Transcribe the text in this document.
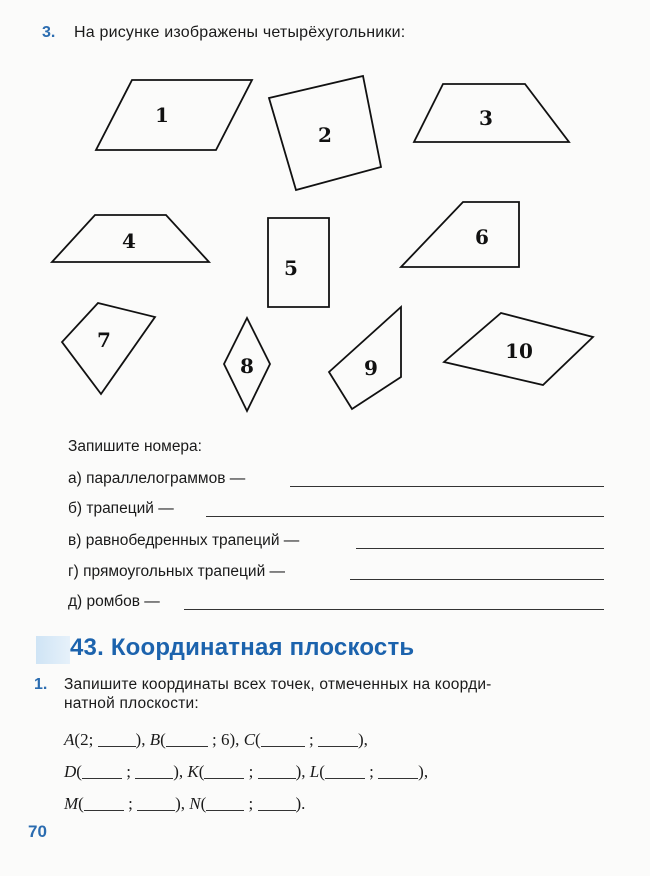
3. На рисунке изображены четырёхугольники:
1
2
3
4
5
6
7
8	9
10
Запишите номера:
а) параллелограммов —
б) трапеций —
в) равнобедренных трапеций —
г) прямоугольных трапеций —
д) ромбов —
43. Координатная плоскость
1. Запишите координаты всех точек, отмеченных на коорди-
натной плоскости:
A(2; ), B( ; 6), C(	; ),
D( ; ), K( ; ), L( ; ),
M( ; ), N( ; ).
70
